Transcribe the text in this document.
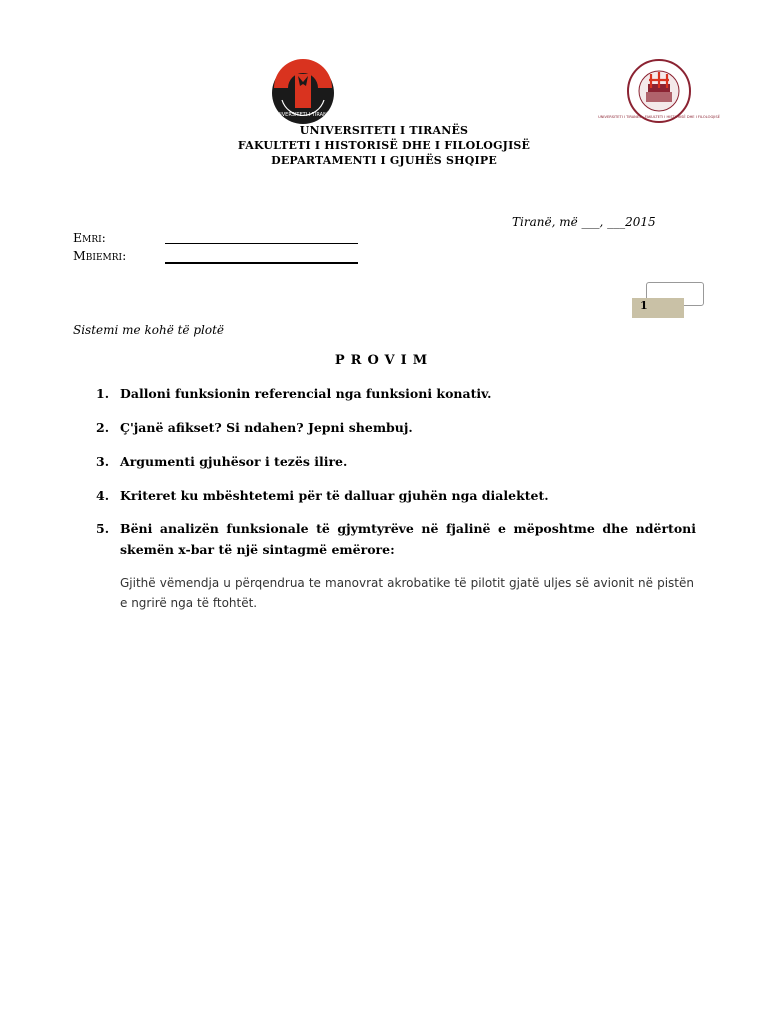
UNIVERSITETI I TIRANËS	UNIVERSITETI I TIRANËS · FAKULTETI I HISTORISË DHE I FILOLOGJISË
UNIVERSITETI I TIRANËS
FAKULTETI I HISTORISË DHE I FILOLOGJISË
DEPARTAMENTI I GJUHËS SHQIPE
Tiranë, më ___, ___2015
Emri:
Mbiemri:
1
Sistemi me kohë të plotë
PROVIM
1. Dalloni funksionin referencial nga funksioni konativ.
2. Ç'janë afikset? Si ndahen? Jepni shembuj.
3. Argumenti gjuhësor i tezës ilire.
4. Kriteret ku mbështetemi për të dalluar gjuhën nga dialektet.
5. Bëni analizën funksionale të gjymtyrëve në fjalinë e mëposhtme dhe ndërtoni skemën x-bar të një sintagmë emërore:
Gjithë vëmendja u përqendrua te manovrat akrobatike të pilotit gjatë uljes së avionit në pistën e ngrirë nga të ftohtët.
